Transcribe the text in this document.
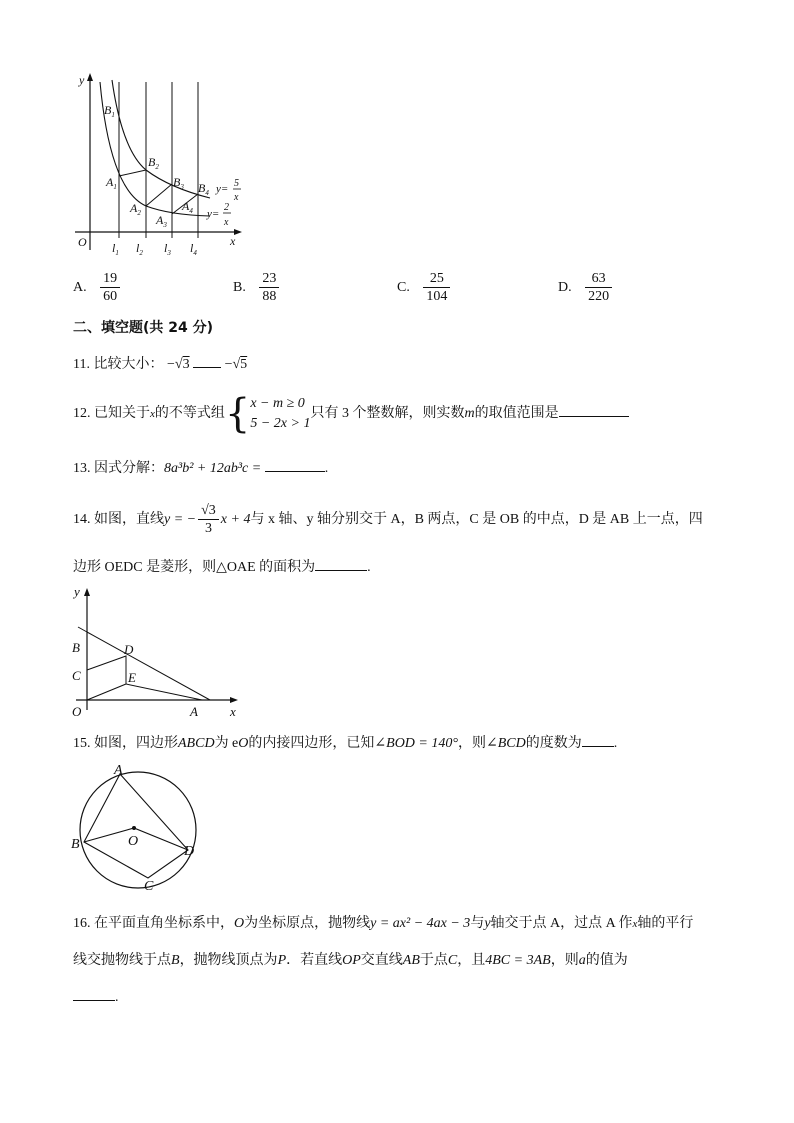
y
x
O
$B_1$
$B_2$
$B_3$ $B_4$
$A_1$
$A_2$ $A_3$
$A_4$
y= 5
x
y=
2
x
$l_1$ $l_2$ $l_3$ $l_4$
A. $\frac{19}{60}$	B. $\frac{23}{88}$	C. $\frac{25}{104}$	D. $\frac{63}{220}$
二、填空题(共 24 分)
11. 比较大小： −√3	−√5
12. 已知关于x的不等式组{ x − m ≥ 0
5 − 2x > 1
只有 3 个整数解，则实数m的取值范围是
13. 因式分解：8a³b² + 12ab³c =	.
14. 如图，直线y = − $\frac{√3}{3}$ x + 4与 x 轴、y 轴分别交于 A，B 两点，C 是 OB 的中点，D 是 AB 上一点，四
边形 OEDC 是菱形，则△OAE 的面积为	.
y
B	D
C	E
O	A x
15. 如图，四边形ABCD为 eO的内接四边形，已知∠BOD = 140°，则∠BCD的度数为 .
A
B	O
D
C
16. 在平面直角坐标系中，O为坐标原点，抛物线y = ax² − 4ax − 3与y轴交于点 A，过点 A 作x轴的平行
线交抛物线于点B，抛物线顶点为P．若直线OP交直线AB于点C，且4BC = 3AB，则a的值为
.
